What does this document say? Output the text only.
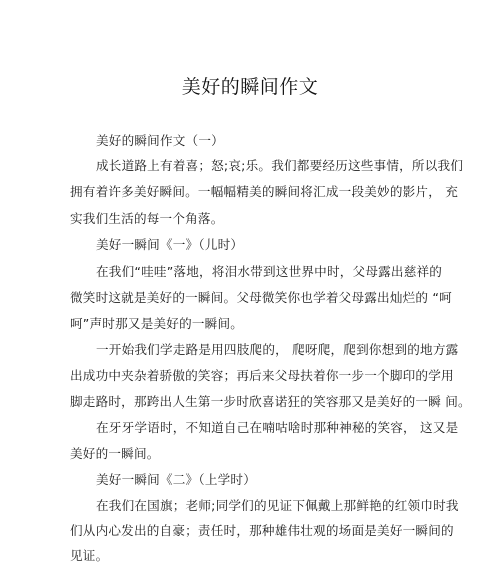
美好的瞬间作文
美好的瞬间作文（一）
成长道路上有着喜；怒;哀;乐。我们都要经历这些事情，所以我们
拥有着许多美好瞬间。一幅幅精美的瞬间将汇成一段美妙的影片， 充
实我们生活的每一个角落。
美好一瞬间《一》（儿时）
在我们“哇哇”落地，将泪水带到这世界中时，父母露出慈祥的
微笑时这就是美好的一瞬间。父母微笑你也学着父母露出灿烂的 “呵
呵”声时那又是美好的一瞬间。
一开始我们学走路是用四肢爬的， 爬呀爬，爬到你想到的地方露
出成功中夹杂着骄傲的笑容；再后来父母扶着你一步一个脚印的学用
脚走路时，那跨出人生第一步时欣喜诺狂的笑容那又是美好的一瞬 间。
在牙牙学语时，不知道自己在喃咕啥时那种神秘的笑容， 这又是
美好的一瞬间。
美好一瞬间《二》（上学时）
在我们在国旗；老师;同学们的见证下佩戴上那鲜艳的红领巾时我
们从内心发出的自豪；责任时，那种雄伟壮观的场面是美好一瞬间的
见证。
